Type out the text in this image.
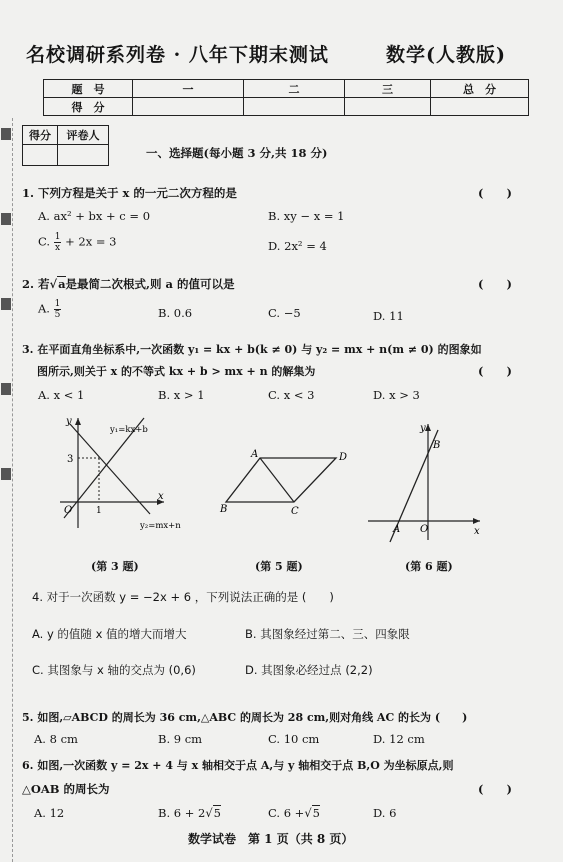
名校调研系列卷 · 八年下期末测试	数学(人教版)
题　号	一	二	三	总　分
得　分				
得分	评卷人

一、选择题(每小题 3 分,共 18 分)
1. 下列方程是关于 x 的一元二次方程的是	(　　)
A. ax² + bx + c = 0	B. xy − x = 1
C. $\frac{1}{x} + 2x = 3$	D. 2x² = 4
2. 若√a是最简二次根式,则 a 的值可以是	(　　)
A. $\frac{1}{5}$	B. 0.6	C. −5	D. 11
3. 在平面直角坐标系中,一次函数 y₁ = kx + b(k ≠ 0) 与 y₂ = mx + n(m ≠ 0) 的图象如
图所示,则关于 x 的不等式 kx + b > mx + n 的解集为	(　　)
A. x < 1	B. x > 1	C. x < 3	D. x > 3
y
x
O	1
3
y₁=kx+b
y₂=mx+n
(第 3 题)
A	D
B	C
(第 5 题)
y
x
O
A
B
(第 6 题)
4. 对于一次函数 y = −2x + 6 ，下列说法正确的是 (　　)
A. y 的值随 x 值的增大而增大	B. 其图象经过第二、三、四象限
C. 其图象与 x 轴的交点为 (0,6)	D. 其图象必经过点 (2,2)
5. 如图,▱ABCD 的周长为 36 cm,△ABC 的周长为 28 cm,则对角线 AC 的长为 (　　)
A. 8 cm	B. 9 cm	C. 10 cm	D. 12 cm
6. 如图,一次函数 y = 2x + 4 与 x 轴相交于点 A,与 y 轴相交于点 B,O 为坐标原点,则
△OAB 的周长为	(　　)
A. 12	B. 6 + 2√5	C. 6 +√5	D. 6
数学试卷　第 1 页（共 8 页）
